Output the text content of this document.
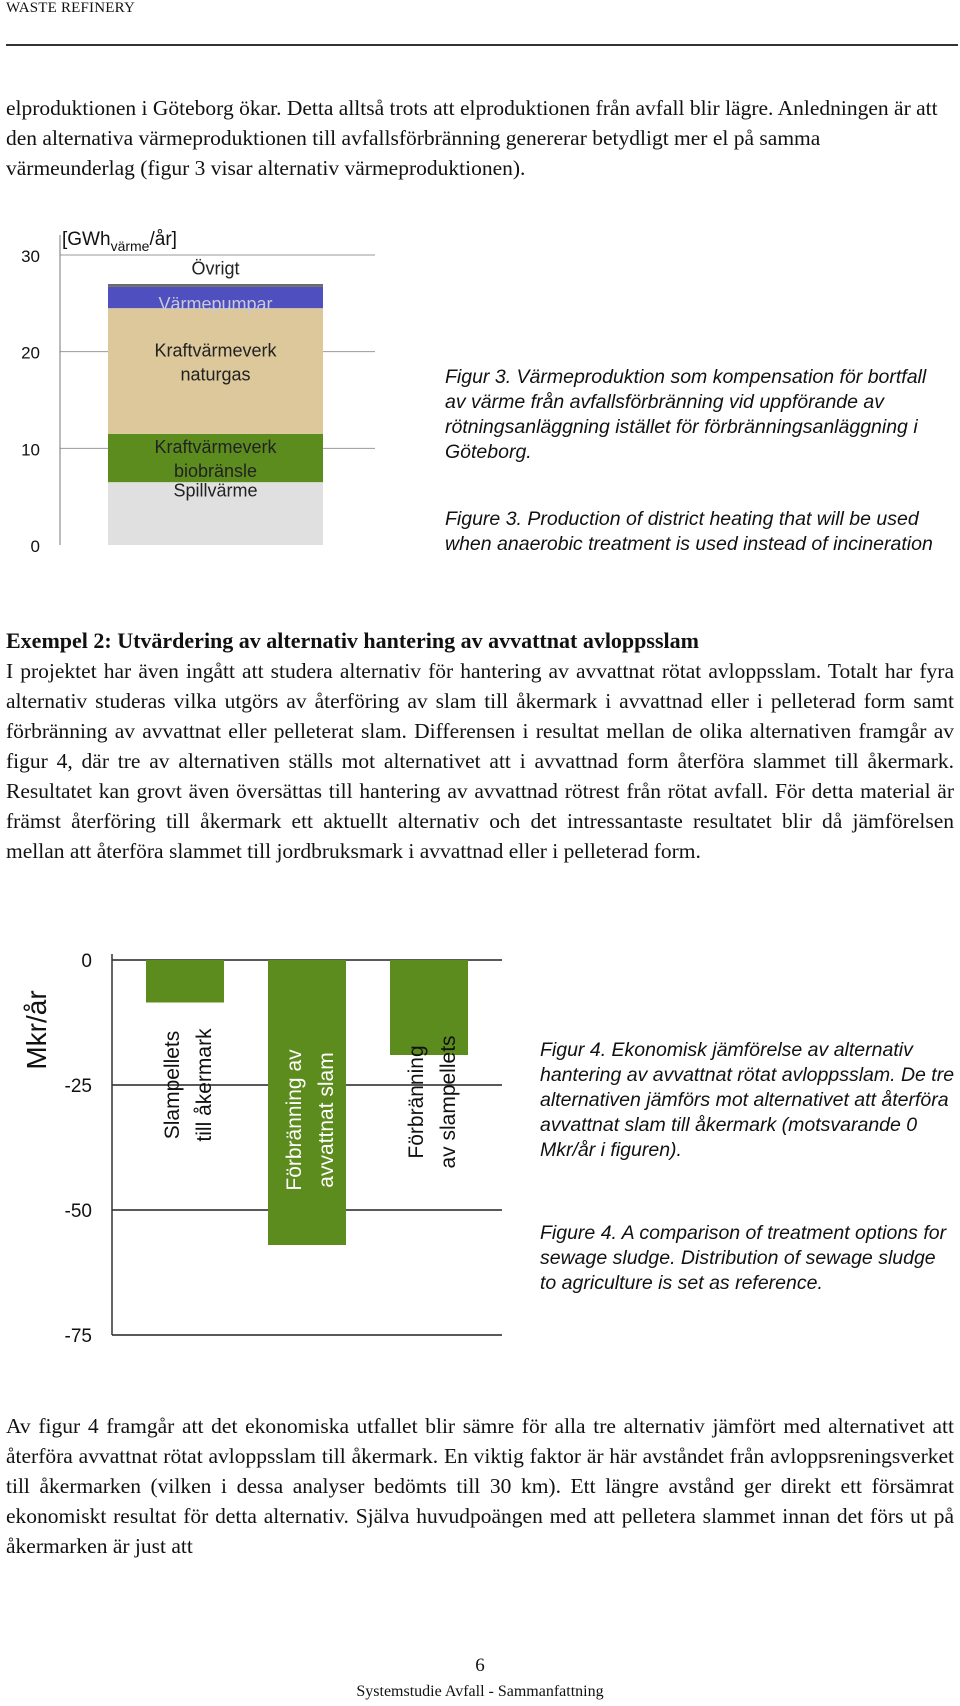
WASTE REFINERY

elproduktionen i Göteborg ökar. Detta alltså trots att elproduktionen från avfall blir lägre. Anledningen är att den alternativa värmeproduktionen till avfallsförbränning genererar betydligt mer el på samma värmeunderlag (figur 3 visar alternativ värmeproduktionen).

Spillvärme
Kraftvärmeverk
biobränsle
Kraftvärmeverk
naturgas
Värmepumpar
Övrigt
30
20
10
0
[GWh$_{värme}$/år]

Figur 3. Värmeproduktion som kompensation för bortfall av värme från avfallsförbränning vid uppförande av rötningsanläggning istället för förbränningsanläggning i Göteborg.

Figure 3. Production of district heating that will be used when anaerobic treatment is used instead of incineration

Exempel 2: Utvärdering av alternativ hantering av avvattnat avloppsslam

I projektet har även ingått att studera alternativ för hantering av avvattnat rötat avloppsslam. Totalt har fyra alternativ studeras vilka utgörs av återföring av slam till åkermark i avvattnad eller i pelleterad form samt förbränning av avvattnat eller pelleterat slam. Differensen i resultat mellan de olika alternativen framgår av figur 4, där tre av alternativen ställs mot alternativet att i avvattnad form återföra slammet till åkermark. Resultatet kan grovt även översättas till hantering av avvattnad rötrest från rötat avfall. För detta material är främst återföring till åkermark ett aktuellt alternativ och det intressantaste resultatet blir då jämförelsen mellan att återföra slammet till jordbruksmark i avvattnad eller i pelleterad form.

Slampellets till åkermark	Förbränning av avvattnat slam	Förbränning av slampellets
0
-25
-50
-75
Mkr/år	Figur 4. Ekonomisk jämförelse av alternativ hantering av avvattnat rötat avloppsslam. De tre alternativen jämförs mot alternativet att återföra avvattnat slam till åkermark (motsvarande 0 Mkr/år i figuren).

Figure 4. A comparison of treatment options for sewage sludge. Distribution of sewage sludge to agriculture is set as reference.

Av figur 4 framgår att det ekonomiska utfallet blir sämre för alla tre alternativ jämfört med alternativet att återföra avvattnat rötat avloppsslam till åkermark. En viktig faktor är här avståndet från avloppsreningsverket till åkermarken (vilken i dessa analyser bedömts till 30 km). Ett längre avstånd ger direkt ett försämrat ekonomiskt resultat för detta alternativ. Själva huvudpoängen med att pelletera slammet innan det förs ut på åkermarken är just att

6

Systemstudie Avfall - Sammanfattning
